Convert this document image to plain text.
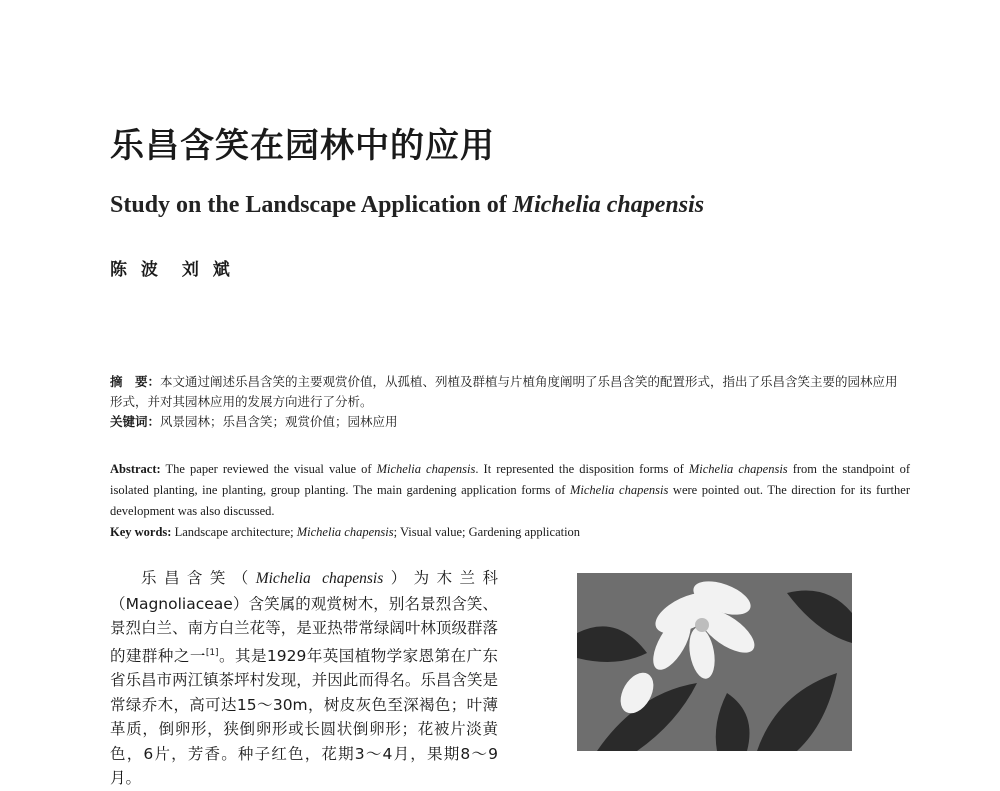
乐昌含笑在园林中的应用
Study on the Landscape Application of Michelia chapensis
陈 波 刘 斌
摘　要：本文通过阐述乐昌含笑的主要观赏价值，从孤植、列植及群植与片植角度阐明了乐昌含笑的配置形式，指出了乐昌含笑主要的园林应用形式，并对其园林应用的发展方向进行了分析。
关键词：风景园林；乐昌含笑；观赏价值；园林应用
Abstract: The paper reviewed the visual value of Michelia chapensis. It represented the disposition forms of Michelia chapensis from the standpoint of isolated planting, ine planting, group planting. The main gardening application forms of Michelia chapensis were pointed out. The direction for its further development was also discussed.
Key words: Landscape architecture; Michelia chapensis; Visual value; Gardening application

乐昌含笑（Michelia chapensis）为木兰科（Magnoliaceae）含笑属的观赏树木，别名景烈含笑、景烈白兰、南方白兰花等，是亚热带常绿阔叶林顶级群落的建群种之一[1]。其是1929年英国植物学家恩第在广东省乐昌市两江镇茶坪村发现，并因此而得名。乐昌含笑是常绿乔木，高可达15～30m，树皮灰色至深褐色；叶薄革质，倒卵形，狭倒卵形或长圆状倒卵形；花被片淡黄色，6片，芳香。种子红色，花期3～4月，果期8～9月。
